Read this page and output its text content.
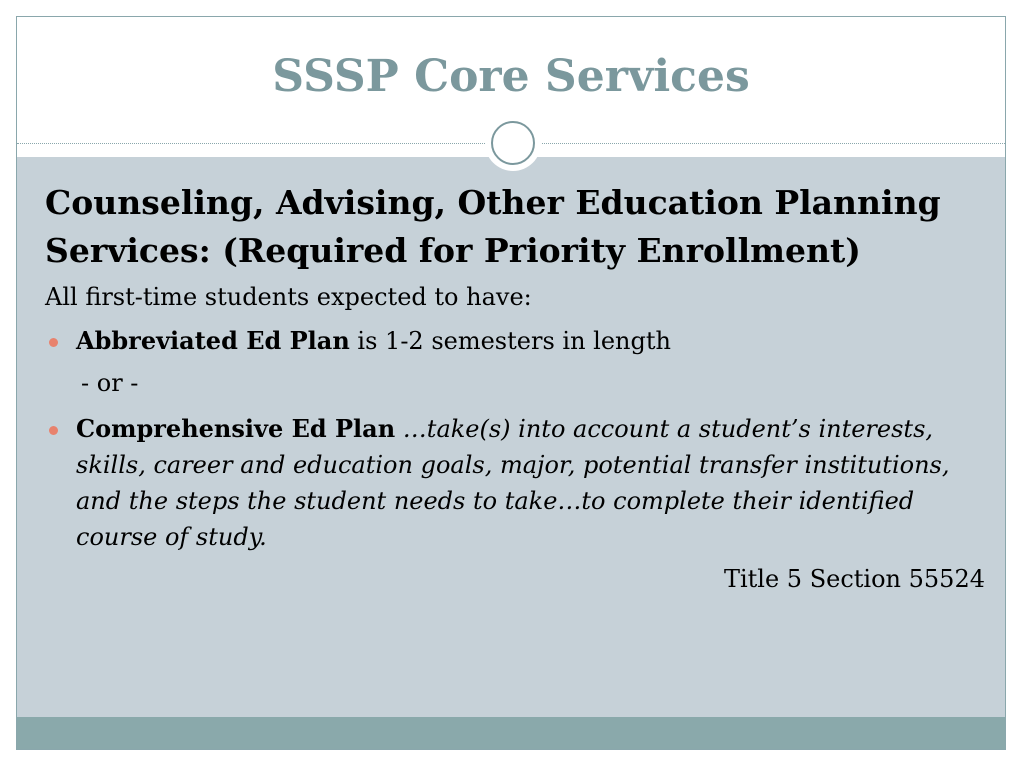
SSSP Core Services

Counseling, Advising, Other Education Planning Services: (Required for Priority Enrollment)

All first-time students expected to have:

Abbreviated Ed Plan is 1-2 semesters in length
- or -
Comprehensive Ed Plan …take(s) into account a student’s interests, skills, career and education goals, major, potential transfer institutions, and the steps the student needs to take…to complete their identified course of study.

Title 5 Section 55524
